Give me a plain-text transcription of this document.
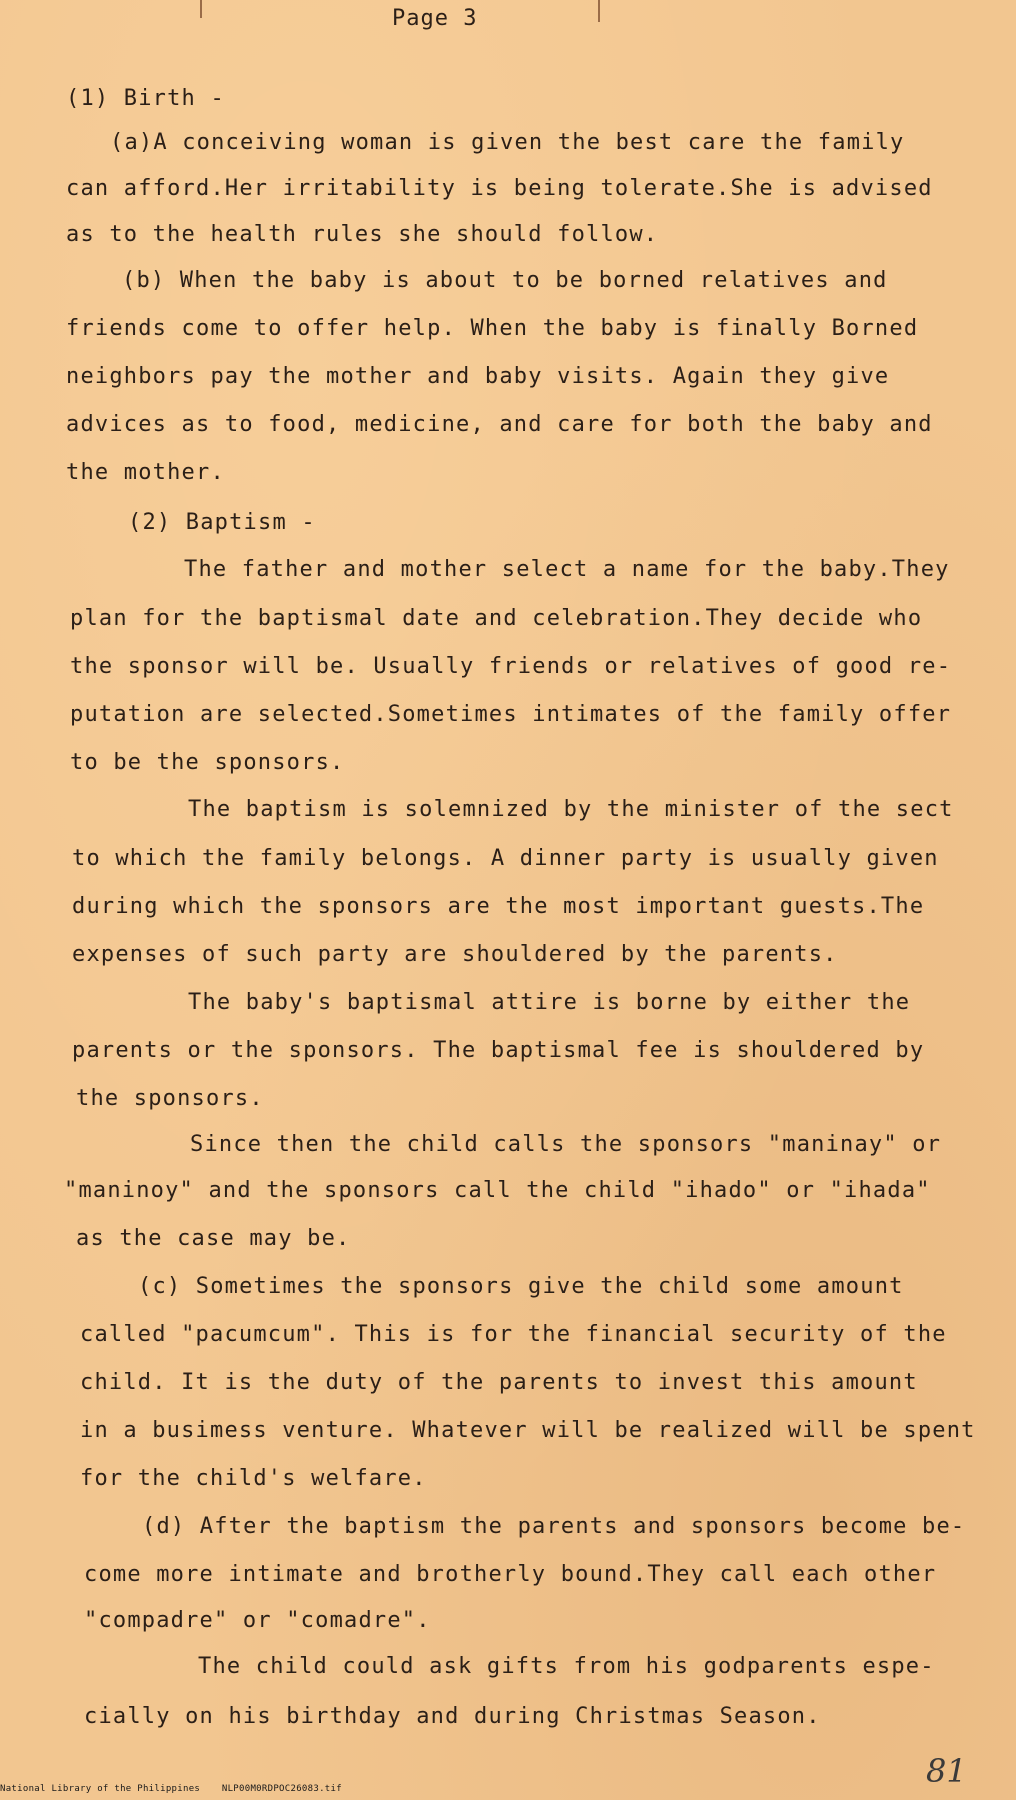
Page 3
(1) Birth -
(a)A conceiving woman is given the best care the family
can afford.Her irritability is being tolerate.She is advised
as to the health rules she should follow.
(b) When the baby is about to be borned relatives and
friends come to offer help. When the baby is finally Borned
neighbors pay the mother and baby visits. Again they give
advices as to food, medicine, and care for both the baby and
the mother.
(2) Baptism -
The father and mother select a name for the baby.They
plan for the baptismal date and celebration.They decide who
the sponsor will be. Usually friends or relatives of good re-
putation are selected.Sometimes intimates of the family offer
to be the sponsors.
The baptism is solemnized by the minister of the sect
to which the family belongs. A dinner party is usually given
during which the sponsors are the most important guests.The
expenses of such party are shouldered by the parents.
The baby's baptismal attire is borne by either the
parents or the sponsors. The baptismal fee is shouldered by
the sponsors.
Since then the child calls the sponsors "maninay" or
"maninoy" and the sponsors call the child "ihado" or "ihada"
as the case may be.
(c) Sometimes the sponsors give the child some amount
called "pacumcum". This is for the financial security of the
child. It is the duty of the parents to invest this amount
in a busimess venture. Whatever will be realized will be spent
for the child's welfare.
(d) After the baptism the parents and sponsors become be-
come more intimate and brotherly bound.They call each other
"compadre" or "comadre".
The child could ask gifts from his godparents espe-
cially on his birthday and during Christmas Season.
81
National Library of the Philippines NLP00M0RDPOC26083.tif
